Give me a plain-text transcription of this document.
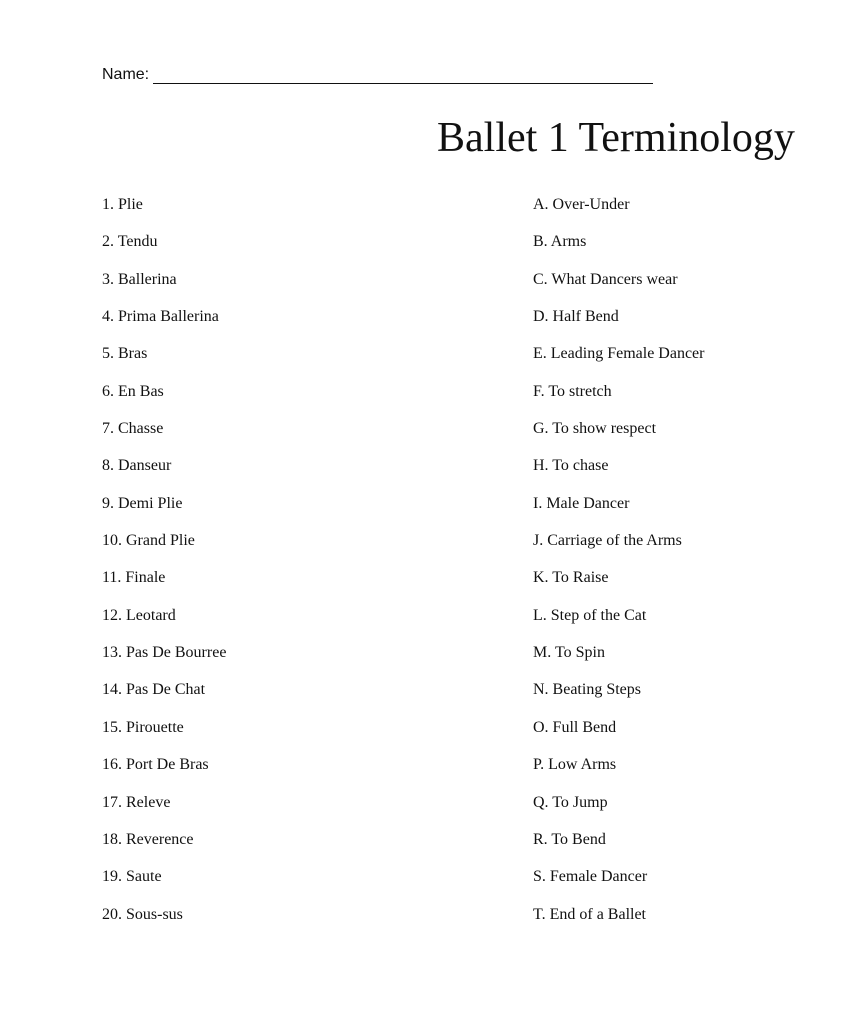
Name:
Ballet 1 Terminology
1. Plie
2. Tendu
3. Ballerina
4. Prima Ballerina
5. Bras
6. En Bas
7. Chasse
8. Danseur
9. Demi Plie
10. Grand Plie
11. Finale
12. Leotard
13. Pas De Bourree
14. Pas De Chat
15. Pirouette
16. Port De Bras
17. Releve
18. Reverence
19. Saute
20. Sous-sus
A. Over-Under
B. Arms
C. What Dancers wear
D. Half Bend
E. Leading Female Dancer
F. To stretch
G. To show respect
H. To chase
I. Male Dancer
J. Carriage of the Arms
K. To Raise
L. Step of the Cat
M. To Spin
N. Beating Steps
O. Full Bend
P. Low Arms
Q. To Jump
R. To Bend
S. Female Dancer
T. End of a Ballet
